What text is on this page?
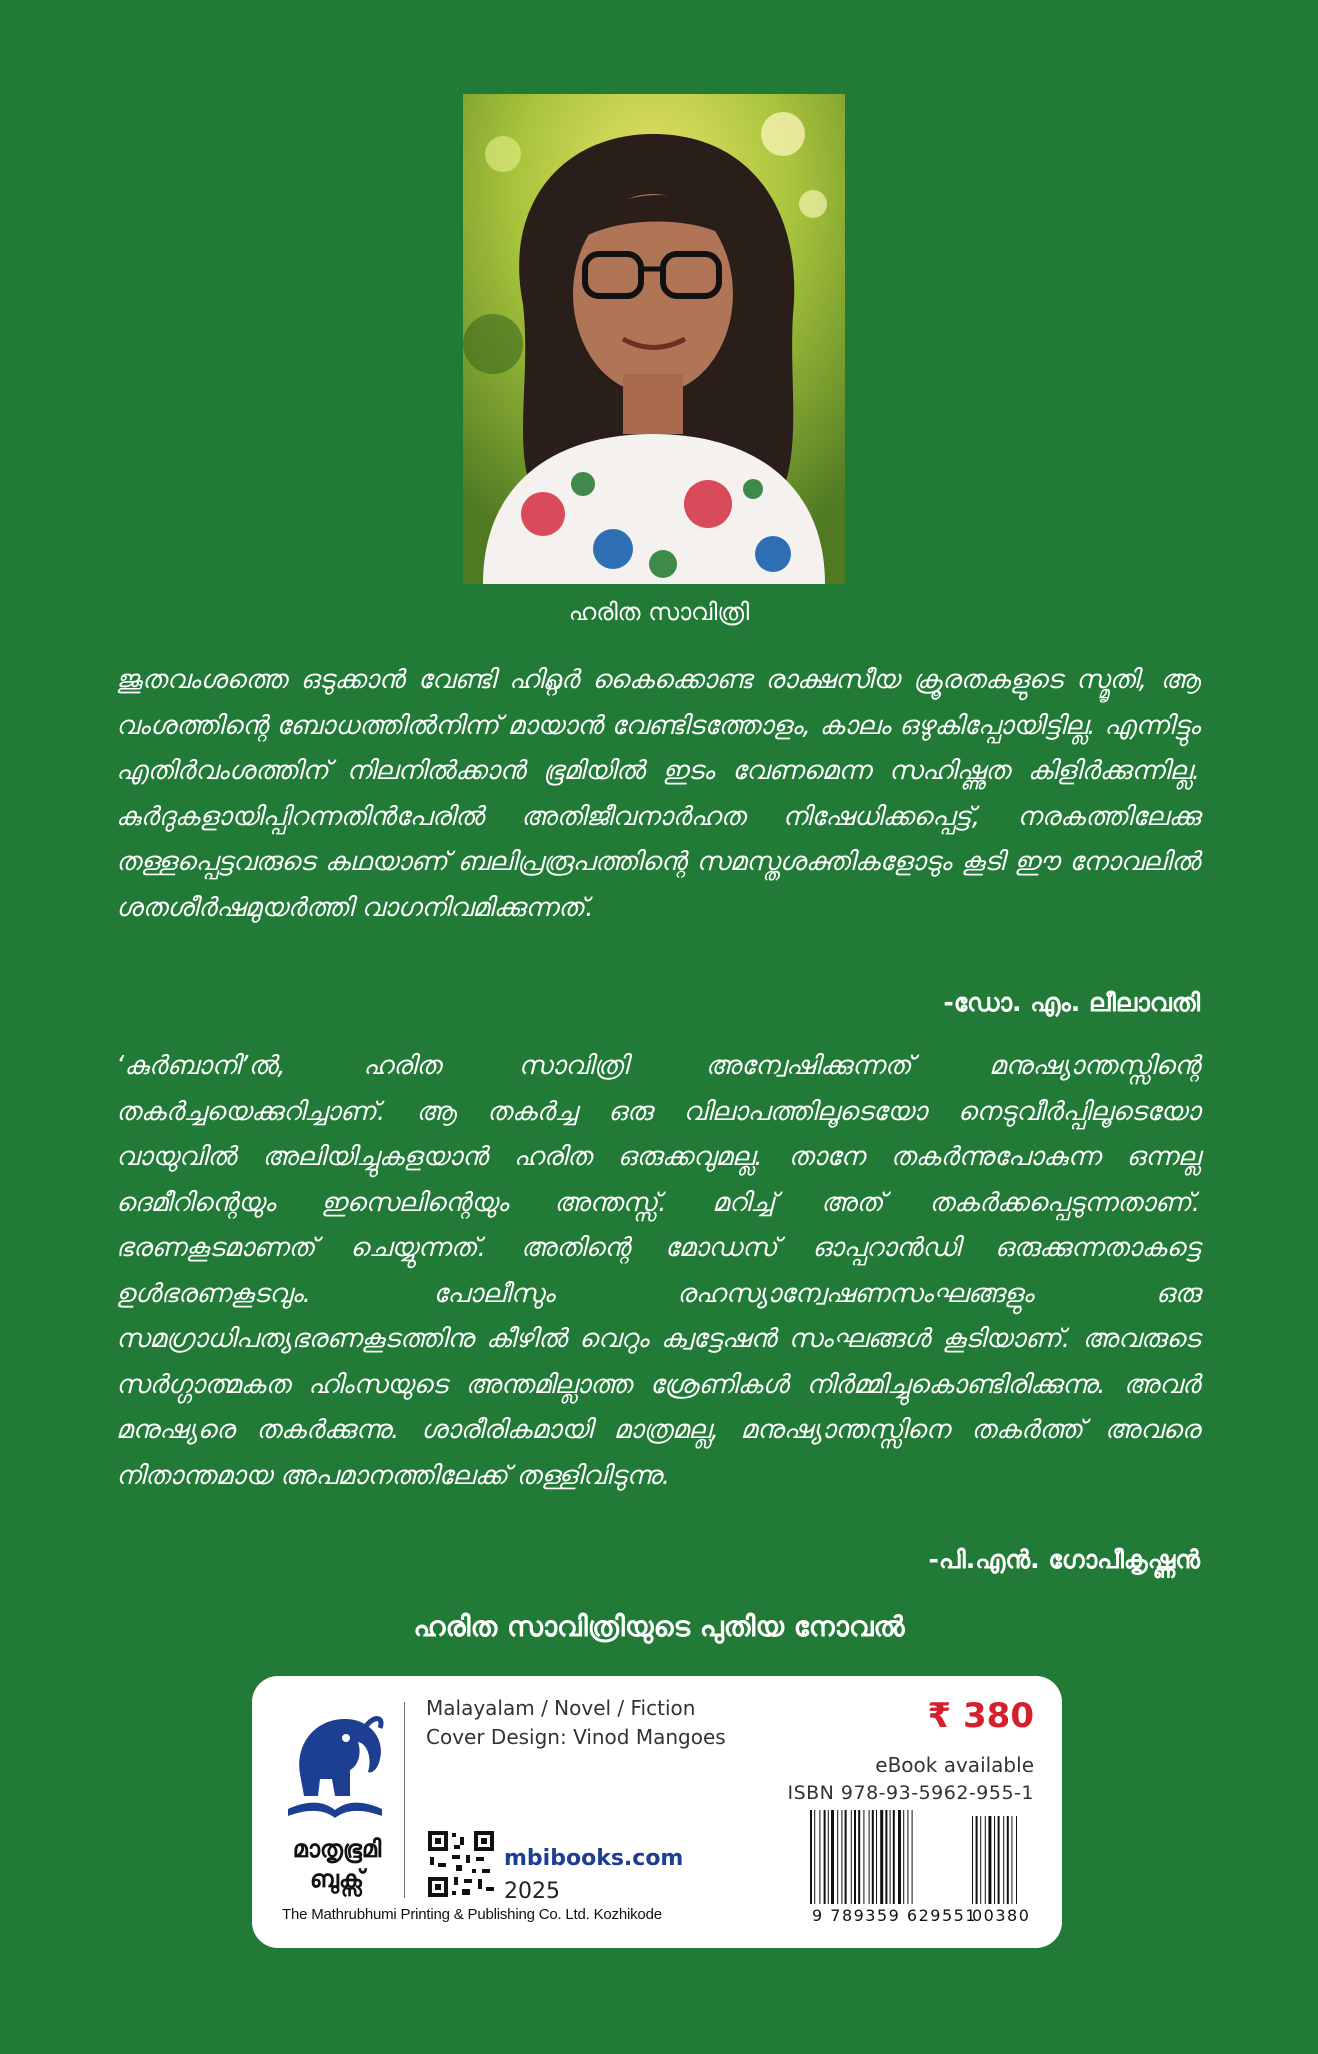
ഹരിത സാവിത്രി

ജൂതവംശത്തെ ഒടുക്കാൻ വേണ്ടി ഹിറ്റ്ലർ കൈക്കൊണ്ട രാക്ഷസീയ ക്രൂരതകളുടെ സ്മൃതി, ആ വംശത്തിന്റെ ബോധത്തിൽനിന്ന് മായാൻ വേണ്ടിടത്തോളം, കാലം ഒഴുകിപ്പോയിട്ടില്ല. എന്നിട്ടും എതിർവംശത്തിന് നിലനിൽക്കാൻ ഭൂമിയിൽ ഇടം വേണമെന്ന സഹിഷ്ണുത കിളിർക്കുന്നില്ല. കുർദുകളായിപ്പിറന്നതിൻപേരിൽ അതിജീവനാർഹത നിഷേധിക്കപ്പെട്ട്, നരകത്തിലേക്കു തള്ളപ്പെട്ടവരുടെ കഥയാണ് ബലിപ്രരൂപത്തിന്റെ സമസ്തശക്തികളോടും കൂടി ഈ നോവലിൽ ശതശീർഷമുയർത്തി വാഗനിവമിക്കുന്നത്.

-ഡോ. എം. ലീലാവതി

‘കുർബാനി’ൽ, ഹരിത സാവിത്രി അന്വേഷിക്കുന്നത് മനുഷ്യാന്തസ്സിന്റെ തകർച്ചയെക്കുറിച്ചാണ്. ആ തകർച്ച ഒരു വിലാപത്തിലൂടെയോ നെടുവീർപ്പിലൂടെയോ വായുവിൽ അലിയിച്ചുകളയാൻ ഹരിത ഒരുക്കവുമല്ല. താനേ തകർന്നുപോകുന്ന ഒന്നല്ല ദെമീറിന്റെയും ഇസെലിന്റെയും അന്തസ്സ്. മറിച്ച് അത് തകർക്കപ്പെടുന്നതാണ്. ഭരണകൂടമാണത് ചെയ്യുന്നത്. അതിന്റെ മോഡസ് ഓപ്പറാൻഡി ഒരുക്കുന്നതാകട്ടെ ഉൾഭരണകൂടവും. പോലീസും രഹസ്യാന്വേഷണസംഘങ്ങളും ഒരു സമഗ്രാധിപത്യഭരണകൂടത്തിനു കീഴിൽ വെറും ക്വട്ടേഷൻ സംഘങ്ങൾ കൂടിയാണ്. അവരുടെ സർഗ്ഗാത്മകത ഹിംസയുടെ അന്തമില്ലാത്ത ശ്രേണികൾ നിർമ്മിച്ചുകൊണ്ടിരിക്കുന്നു. അവർ മനുഷ്യരെ തകർക്കുന്നു. ശാരീരികമായി മാത്രമല്ല, മനുഷ്യാന്തസ്സിനെ തകർത്ത് അവരെ നിതാന്തമായ അപമാനത്തിലേക്ക് തള്ളിവിടുന്നു.

-പി.എൻ. ഗോപീകൃഷ്ണൻ
ഹരിത സാവിത്രിയുടെ പുതിയ നോവൽ
മാതൃഭൂമി
ബുക്സ്
The Mathrubhumi Printing & Publishing Co. Ltd. Kozhikode
Malayalam / Novel / Fiction
Cover Design: Vinod Mangoes
mbibooks.com
2025
₹ 380
eBook available
ISBN 978-93-5962-955-1
9 789359 629551
00380
